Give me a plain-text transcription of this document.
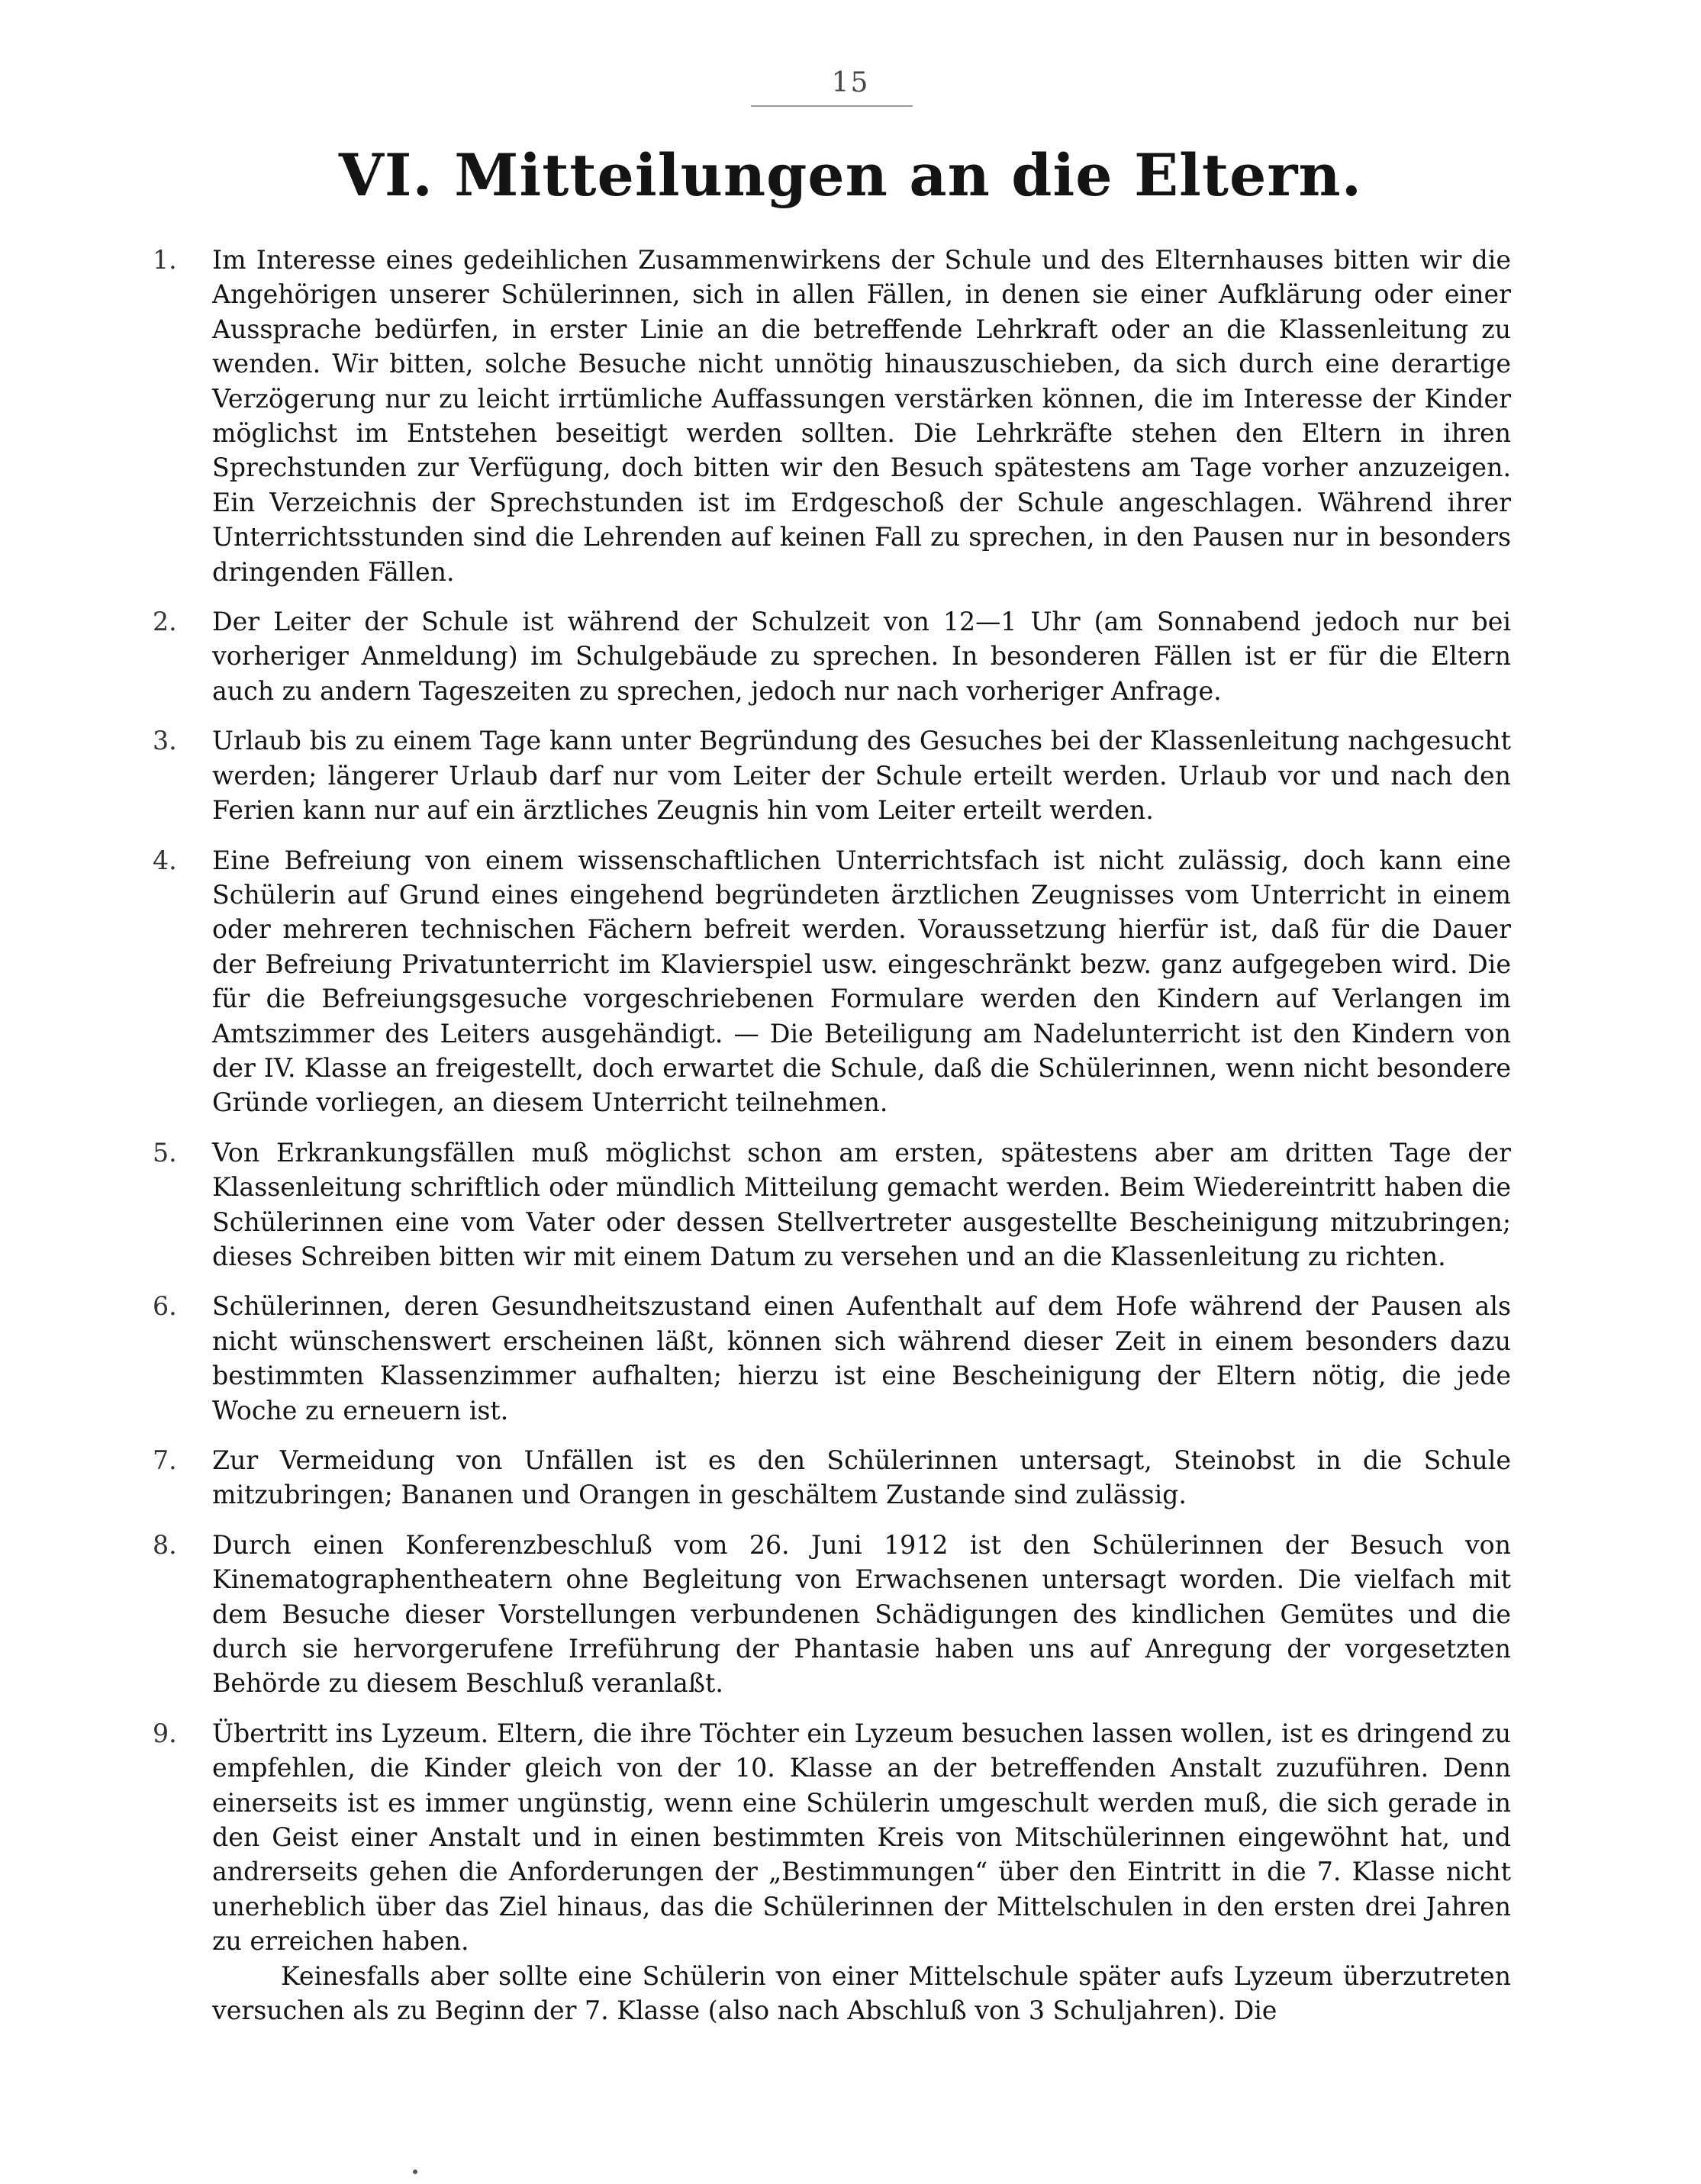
15
VI. Mitteilungen an die Eltern.
1.	Im Interesse eines gedeihlichen Zusammenwirkens der Schule und des Elternhauses bitten wir die Angehörigen unserer Schülerinnen, sich in allen Fällen, in denen sie einer Aufklärung oder einer Aussprache bedürfen, in erster Linie an die betreffende Lehrkraft oder an die Klassenleitung zu wenden. Wir bitten, solche Besuche nicht unnötig hinauszuschieben, da sich durch eine derartige Verzögerung nur zu leicht irrtümliche Auffassungen verstärken können, die im Interesse der Kinder möglichst im Entstehen beseitigt werden sollten. Die Lehrkräfte stehen den Eltern in ihren Sprechstunden zur Verfügung, doch bitten wir den Besuch spätestens am Tage vorher anzuzeigen. Ein Verzeichnis der Sprechstunden ist im Erdgeschoß der Schule angeschlagen. Während ihrer Unterrichtsstunden sind die Lehrenden auf keinen Fall zu sprechen, in den Pausen nur in besonders dringenden Fällen.

2.	Der Leiter der Schule ist während der Schulzeit von 12—1 Uhr (am Sonnabend jedoch nur bei vorheriger Anmeldung) im Schulgebäude zu sprechen. In besonderen Fällen ist er für die Eltern auch zu andern Tageszeiten zu sprechen, jedoch nur nach vorheriger Anfrage.

3.	Urlaub bis zu einem Tage kann unter Begründung des Gesuches bei der Klassenleitung nachgesucht werden; längerer Urlaub darf nur vom Leiter der Schule erteilt werden. Urlaub vor und nach den Ferien kann nur auf ein ärztliches Zeugnis hin vom Leiter erteilt werden.

4.	Eine Befreiung von einem wissenschaftlichen Unterrichtsfach ist nicht zulässig, doch kann eine Schülerin auf Grund eines eingehend begründeten ärztlichen Zeugnisses vom Unterricht in einem oder mehreren technischen Fächern befreit werden. Voraussetzung hierfür ist, daß für die Dauer der Befreiung Privatunterricht im Klavierspiel usw. eingeschränkt bezw. ganz aufgegeben wird. Die für die Befreiungsgesuche vorgeschriebenen Formulare werden den Kindern auf Verlangen im Amtszimmer des Leiters ausgehändigt. — Die Beteiligung am Nadelunterricht ist den Kindern von der IV. Klasse an freigestellt, doch erwartet die Schule, daß die Schülerinnen, wenn nicht besondere Gründe vorliegen, an diesem Unterricht teilnehmen.

5.	Von Erkrankungsfällen muß möglichst schon am ersten, spätestens aber am dritten Tage der Klassenleitung schriftlich oder mündlich Mitteilung gemacht werden. Beim Wiedereintritt haben die Schülerinnen eine vom Vater oder dessen Stellvertreter ausgestellte Bescheinigung mitzubringen; dieses Schreiben bitten wir mit einem Datum zu versehen und an die Klassenleitung zu richten.

6.	Schülerinnen, deren Gesundheitszustand einen Aufenthalt auf dem Hofe während der Pausen als nicht wünschenswert erscheinen läßt, können sich während dieser Zeit in einem besonders dazu bestimmten Klassenzimmer aufhalten; hierzu ist eine Bescheinigung der Eltern nötig, die jede Woche zu erneuern ist.

7.	Zur Vermeidung von Unfällen ist es den Schülerinnen untersagt, Steinobst in die Schule mitzubringen; Bananen und Orangen in geschältem Zustande sind zulässig.

8.	Durch einen Konferenzbeschluß vom 26. Juni 1912 ist den Schülerinnen der Besuch von Kinematographentheatern ohne Begleitung von Erwachsenen untersagt worden. Die vielfach mit dem Besuche dieser Vorstellungen verbundenen Schädigungen des kindlichen Gemütes und die durch sie hervorgerufene Irreführung der Phantasie haben uns auf Anregung der vorgesetzten Behörde zu diesem Beschluß veranlaßt.

9.	Übertritt ins Lyzeum. Eltern, die ihre Töchter ein Lyzeum besuchen lassen wollen, ist es dringend zu empfehlen, die Kinder gleich von der 10. Klasse an der betreffenden Anstalt zuzuführen. Denn einerseits ist es immer ungünstig, wenn eine Schülerin umgeschult werden muß, die sich gerade in den Geist einer Anstalt und in einen bestimmten Kreis von Mitschülerinnen eingewöhnt hat, und andrerseits gehen die Anforderungen der „Bestimmungen“ über den Eintritt in die 7. Klasse nicht unerheblich über das Ziel hinaus, das die Schülerinnen der Mittelschulen in den ersten drei Jahren zu erreichen haben.

Keinesfalls aber sollte eine Schülerin von einer Mittelschule später aufs Lyzeum überzutreten versuchen als zu Beginn der 7. Klasse (also nach Abschluß von 3 Schuljahren). Die
